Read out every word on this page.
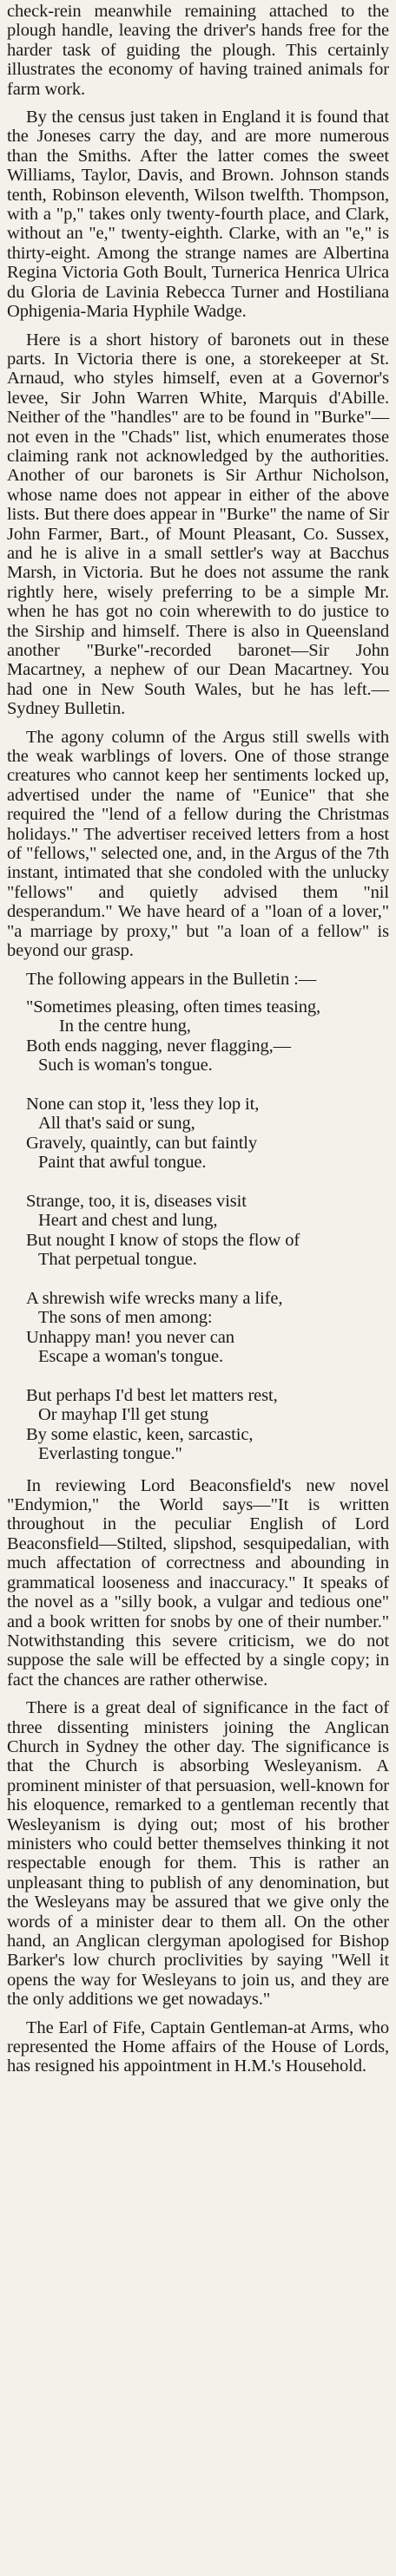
check-rein meanwhile remaining attached to the plough handle, leaving the driver's hands free for the harder task of guiding the plough. This certainly illustrates the economy of having trained animals for farm work.

By the census just taken in England it is found that the Joneses carry the day, and are more numerous than the Smiths. After the latter comes the sweet Williams, Taylor, Davis, and Brown. Johnson stands tenth, Robinson eleventh, Wilson twelfth. Thompson, with a "p," takes only twenty-fourth place, and Clark, without an "e," twenty-eighth. Clarke, with an "e," is thirty-eight. Among the strange names are Albertina Regina Victoria Goth Boult, Turnerica Henrica Ulrica du Gloria de Lavinia Rebecca Turner and Hostiliana Ophigenia-Maria Hyphile Wadge.

Here is a short history of baronets out in these parts. In Victoria there is one, a storekeeper at St. Arnaud, who styles himself, even at a Governor's levee, Sir John Warren White, Marquis d'Abille. Neither of the "handles" are to be found in "Burke"—not even in the "Chads" list, which enumerates those claiming rank not acknowledged by the authorities. Another of our baronets is Sir Arthur Nicholson, whose name does not appear in either of the above lists. But there does appear in "Burke" the name of Sir John Farmer, Bart., of Mount Pleasant, Co. Sussex, and he is alive in a small settler's way at Bacchus Marsh, in Victoria. But he does not assume the rank rightly here, wisely preferring to be a simple Mr. when he has got no coin wherewith to do justice to the Sirship and himself. There is also in Queensland another "Burke"-recorded baronet—Sir John Macartney, a nephew of our Dean Macartney. You had one in New South Wales, but he has left.—Sydney Bulletin.

The agony column of the Argus still swells with the weak warblings of lovers. One of those strange creatures who cannot keep her sentiments locked up, advertised under the name of "Eunice" that she required the "lend of a fellow during the Christmas holidays." The advertiser received letters from a host of "fellows," selected one, and, in the Argus of the 7th instant, intimated that she condoled with the unlucky "fellows" and quietly advised them "nil desperandum." We have heard of a "loan of a lover," "a marriage by proxy," but "a loan of a fellow" is beyond our grasp.

The following appears in the Bulletin :—

"Sometimes pleasing, often times teasing,
In the centre hung,
Both ends nagging, never flagging,—
Such is woman's tongue.

None can stop it, 'less they lop it,
All that's said or sung,
Gravely, quaintly, can but faintly
Paint that awful tongue.

Strange, too, it is, diseases visit
Heart and chest and lung,
But nought I know of stops the flow of
That perpetual tongue.

A shrewish wife wrecks many a life,
The sons of men among:
Unhappy man! you never can
Escape a woman's tongue.

But perhaps I'd best let matters rest,
Or mayhap I'll get stung
By some elastic, keen, sarcastic,
Everlasting tongue."

In reviewing Lord Beaconsfield's new novel "Endymion," the World says—"It is written throughout in the peculiar English of Lord Beaconsfield—Stilted, slipshod, sesquipedalian, with much affectation of correctness and abounding in grammatical looseness and inaccuracy." It speaks of the novel as a "silly book, a vulgar and tedious one" and a book written for snobs by one of their number." Notwithstanding this severe criticism, we do not suppose the sale will be effected by a single copy; in fact the chances are rather otherwise.

There is a great deal of significance in the fact of three dissenting ministers joining the Anglican Church in Sydney the other day. The significance is that the Church is absorbing Wesleyanism. A prominent minister of that persuasion, well-known for his eloquence, remarked to a gentleman recently that Wesleyanism is dying out; most of his brother ministers who could better themselves thinking it not respectable enough for them. This is rather an unpleasant thing to publish of any denomination, but the Wesleyans may be assured that we give only the words of a minister dear to them all. On the other hand, an Anglican clergyman apologised for Bishop Barker's low church proclivities by saying "Well it opens the way for Wesleyans to join us, and they are the only additions we get nowadays."

The Earl of Fife, Captain Gentleman-at Arms, who represented the Home affairs of the House of Lords, has resigned his appointment in H.M.'s Household.
